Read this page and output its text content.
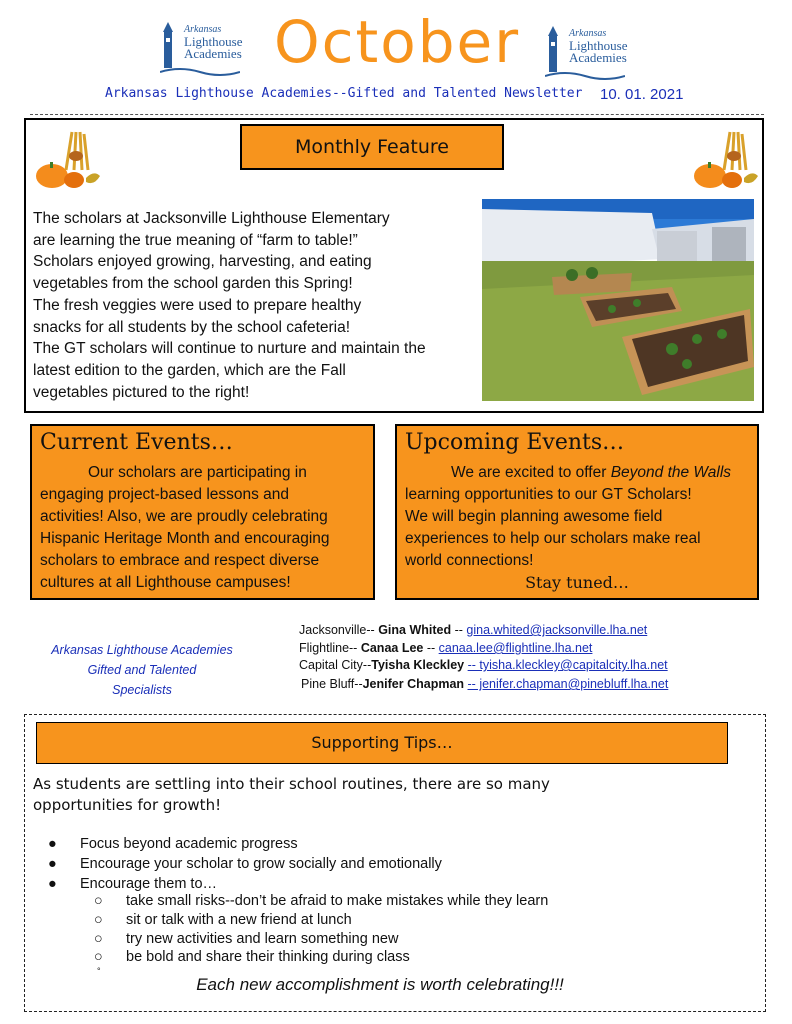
Arkansas
Lighthouse
Academies October	Arkansas
Lighthouse
Academies
Arkansas Lighthouse Academies--Gifted and Talented Newsletter 10. 01. 2021
Monthly Feature
The scholars at Jacksonville Lighthouse Elementary
are learning the true meaning of “farm to table!”
Scholars enjoyed growing, harvesting, and eating
vegetables from the school garden this Spring!
The fresh veggies were used to prepare healthy
snacks for all students by the school cafeteria!
The GT scholars will continue to nurture and maintain the
latest edition to the garden, which are the Fall
vegetables pictured to the right!
Current Events…
Our scholars are participating in
engaging project-based lessons and
activities! Also, we are proudly celebrating
Hispanic Heritage Month and encouraging
scholars to embrace and respect diverse
cultures at all Lighthouse campuses!
Upcoming Events…
We are excited to offer Beyond the Walls
learning opportunities to our GT Scholars!
We will begin planning awesome field
experiences to help our scholars make real
world connections!
Stay tuned…
Arkansas Lighthouse Academies
Gifted and Talented
Specialists
Jacksonville-- Gina Whited -- gina.whited@jacksonville.lha.net
Flightline-- Canaa Lee -- canaa.lee@flightline.lha.net
Capital City--Tyisha Kleckley -- tyisha.kleckley@capitalcity.lha.net
Pine Bluff--Jenifer Chapman -- jenifer.chapman@pinebluff.lha.net
Supporting Tips…
As students are settling into their school routines, there are so many
opportunities for growth!
● Focus beyond academic progress
● Encourage your scholar to grow socially and emotionally
● Encourage them to…
○ take small risks--don’t be afraid to make mistakes while they learn
○ sit or talk with a new friend at lunch
○ try new activities and learn something new
○ be bold and share their thinking during class
°
Each new accomplishment is worth celebrating!!!
